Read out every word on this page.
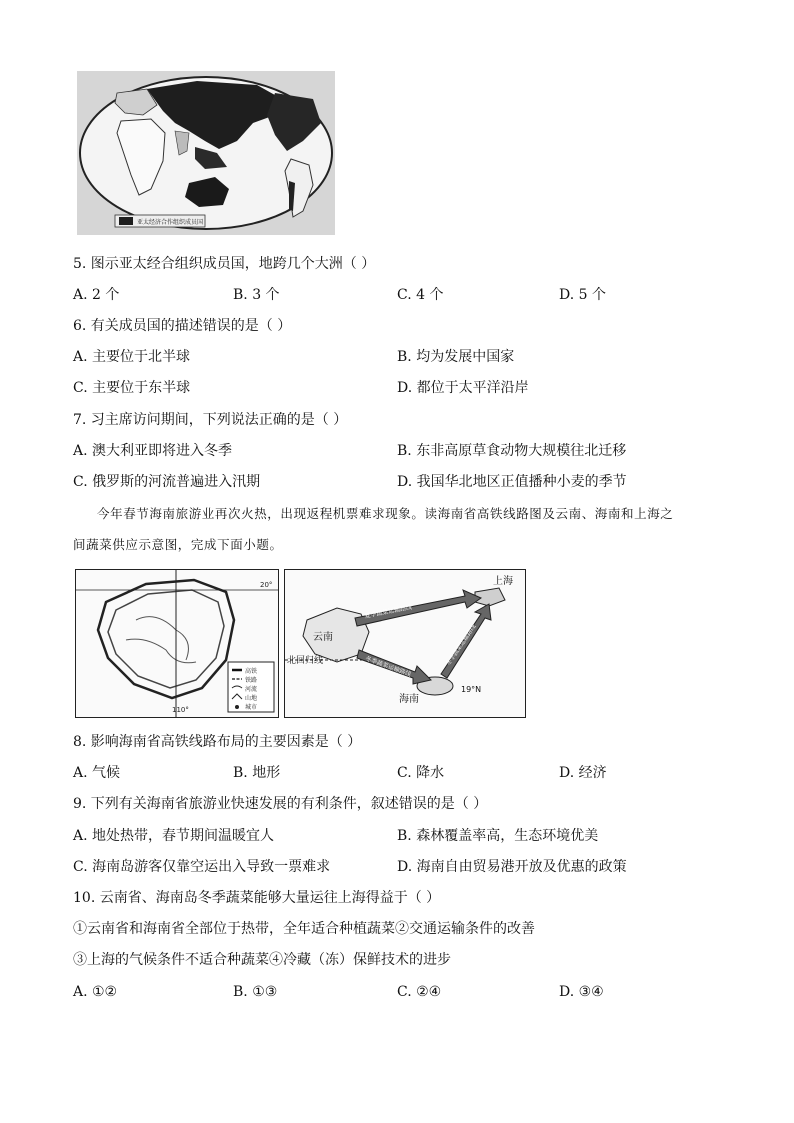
亚太经济合作组织成员国
5. 图示亚太经合组织成员国，地跨几个大洲（ ）
A. 2 个	B. 3 个	C. 4 个	D. 5 个
6. 有关成员国的描述错误的是（ ）
A. 主要位于北半球	B. 均为发展中国家
C. 主要位于东半球	D. 都位于太平洋沿岸
7. 习主席访问期间，下列说法正确的是（ ）
A. 澳大利亚即将进入冬季	B. 东非高原草食动物大规模往北迁移
C. 俄罗斯的河流普遍进入汛期	D. 我国华北地区正值播种小麦的季节
今年春节海南旅游业再次火热，出现返程机票难求现象。读海南省高铁线路图及云南、海南和上海之
间蔬菜供应示意图，完成下面小题。
20°
110°
高铁
铁路
河流
山地
城市
云南
北回归线
上海
海南
19°N
夏季蔬菜运输路线
冬季蔬菜运输路线	冬季蔬菜运输路线
8. 影响海南省高铁线路布局的主要因素是（ ）
A. 气候	B. 地形	C. 降水	D. 经济
9. 下列有关海南省旅游业快速发展的有利条件，叙述错误的是（ ）
A. 地处热带，春节期间温暖宜人	B. 森林覆盖率高，生态环境优美
C. 海南岛游客仅靠空运出入导致一票难求	D. 海南自由贸易港开放及优惠的政策
10. 云南省、海南岛冬季蔬菜能够大量运往上海得益于（ ）
①云南省和海南省全部位于热带，全年适合种植蔬菜②交通运输条件的改善
③上海的气候条件不适合种蔬菜④冷藏（冻）保鲜技术的进步
A. ①②	B. ①③	C. ②④	D. ③④
